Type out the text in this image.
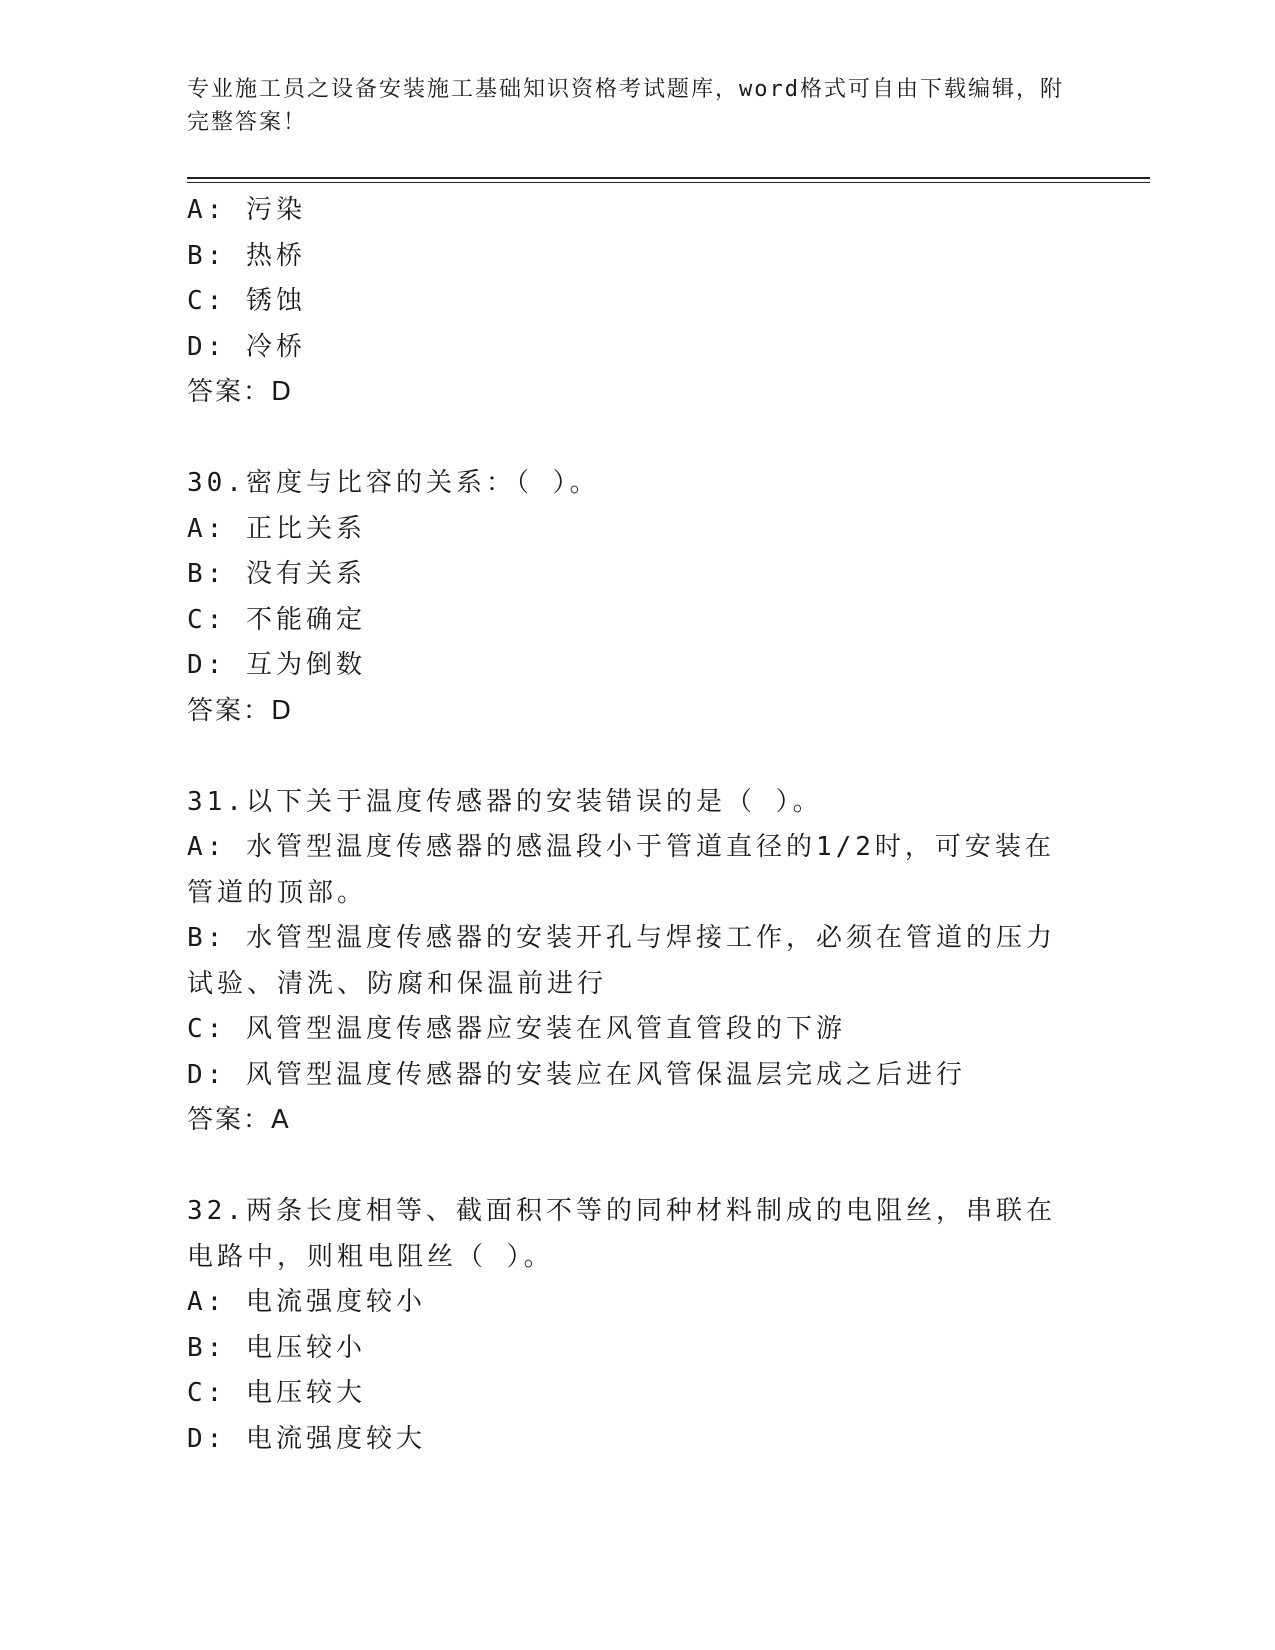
专业施工员之设备安装施工基础知识资格考试题库，word格式可自由下载编辑，附完整答案！
A: 污染
B: 热桥
C: 锈蚀
D: 冷桥
答案：D
30.密度与比容的关系：（ ）。
A: 正比关系
B: 没有关系
C: 不能确定
D: 互为倒数
答案：D
31.以下关于温度传感器的安装错误的是（ ）。
A: 水管型温度传感器的感温段小于管道直径的1/2时，可安装在管道的顶部。
B: 水管型温度传感器的安装开孔与焊接工作，必须在管道的压力试验、清洗、防腐和保温前进行
C: 风管型温度传感器应安装在风管直管段的下游
D: 风管型温度传感器的安装应在风管保温层完成之后进行
答案：A
32.两条长度相等、截面积不等的同种材料制成的电阻丝，串联在电路中，则粗电阻丝（ ）。
A: 电流强度较小
B: 电压较小
C: 电压较大
D: 电流强度较大
